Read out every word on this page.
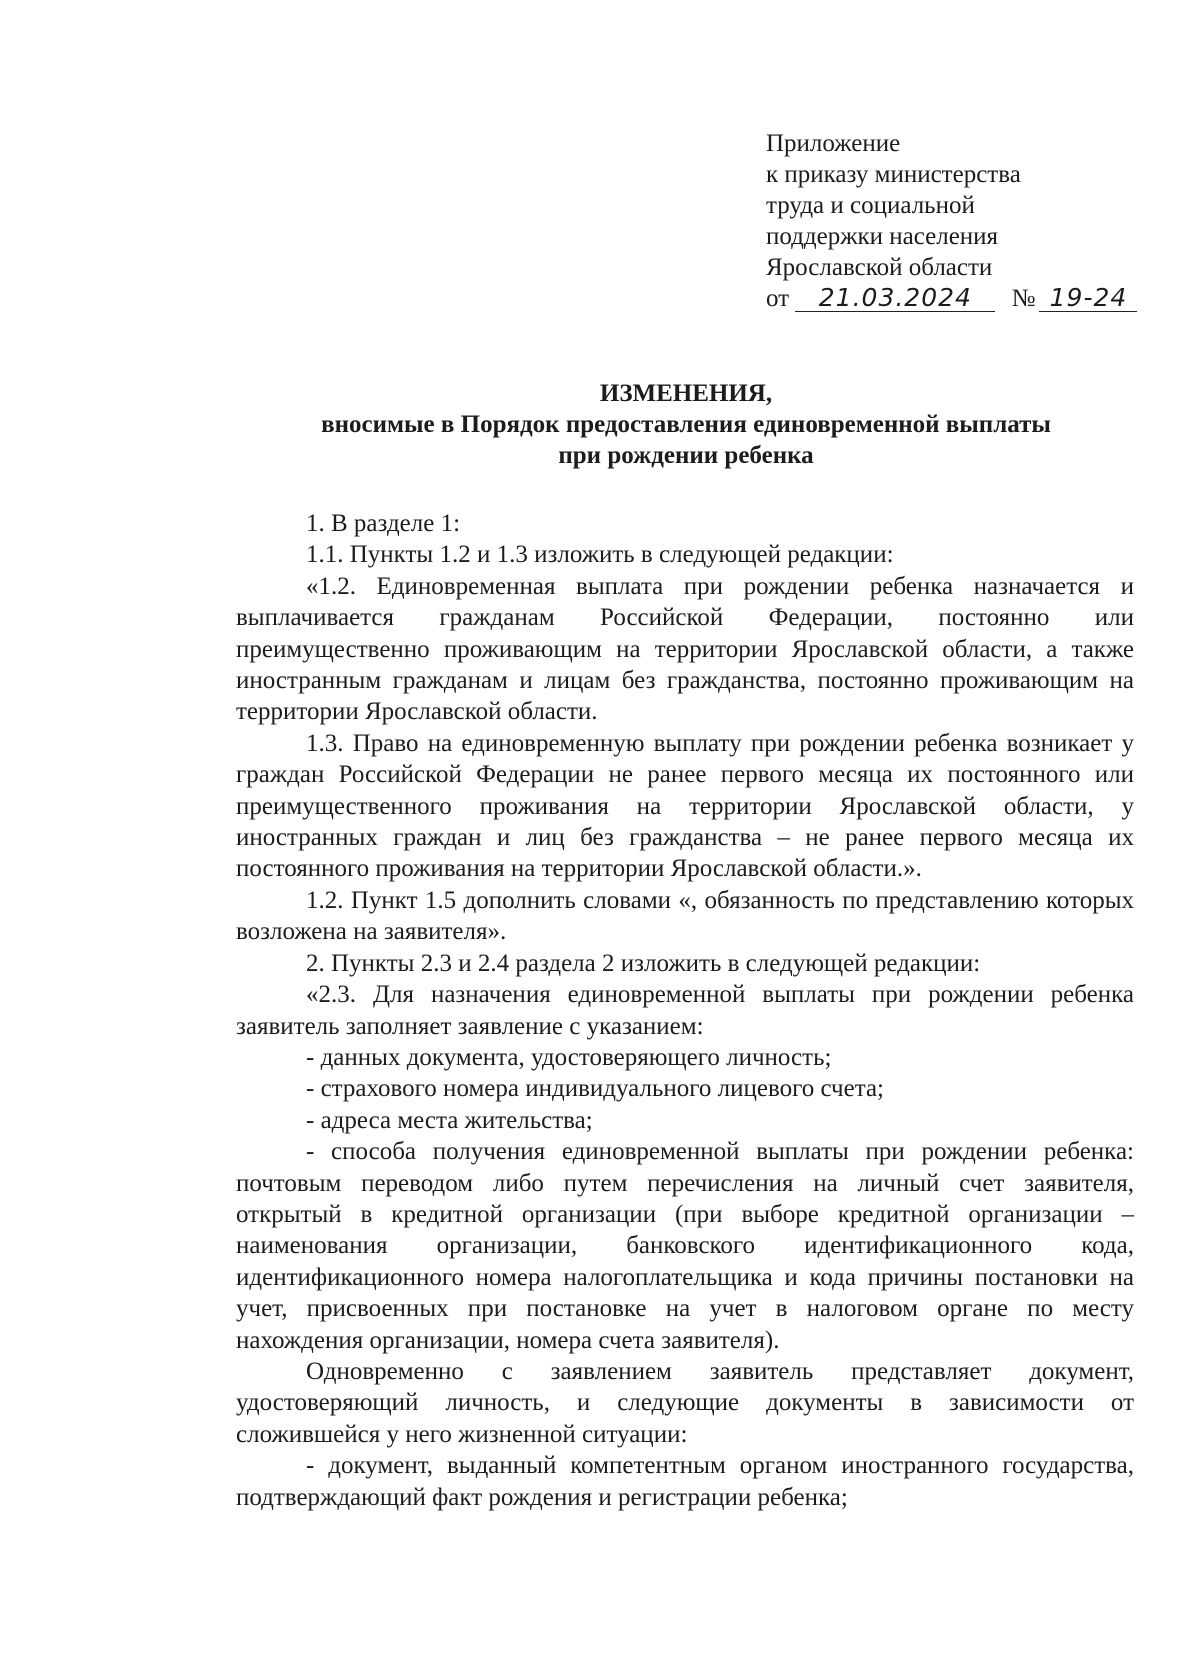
Приложение
к приказу министерства
труда и социальной
поддержки населения
Ярославской области
от 21.03.2024 № 19-24
ИЗМЕНЕНИЯ,
вносимые в Порядок предоставления единовременной выплаты
при рождении ребенка

1. В разделе 1:

1.1. Пункты 1.2 и 1.3 изложить в следующей редакции:

«1.2. Единовременная выплата при рождении ребенка назначается и выплачивается гражданам Российской Федерации, постоянно или преимущественно проживающим на территории Ярославской области, а также иностранным гражданам и лицам без гражданства, постоянно проживающим на территории Ярославской области.

1.3. Право на единовременную выплату при рождении ребенка возникает у граждан Российской Федерации не ранее первого месяца их постоянного или преимущественного проживания на территории Ярославской области, у иностранных граждан и лиц без гражданства – не ранее первого месяца их постоянного проживания на территории Ярославской области.».

1.2. Пункт 1.5 дополнить словами «, обязанность по представлению которых возложена на заявителя».

2. Пункты 2.3 и 2.4 раздела 2 изложить в следующей редакции:

«2.3. Для назначения единовременной выплаты при рождении ребенка заявитель заполняет заявление с указанием:

- данных документа, удостоверяющего личность;

- страхового номера индивидуального лицевого счета;

- адреса места жительства;

- способа получения единовременной выплаты при рождении ребенка: почтовым переводом либо путем перечисления на личный счет заявителя, открытый в кредитной организации (при выборе кредитной организации – наименования организации, банковского идентификационного кода, идентификационного номера налогоплательщика и кода причины постановки на учет, присвоенных при постановке на учет в налоговом органе по месту нахождения организации, номера счета заявителя).

Одновременно с заявлением заявитель представляет документ, удостоверяющий личность, и следующие документы в зависимости от сложившейся у него жизненной ситуации:

- документ, выданный компетентным органом иностранного государства, подтверждающий факт рождения и регистрации ребенка;
